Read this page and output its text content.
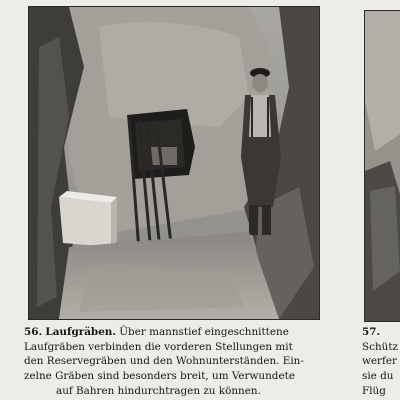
56. Laufgräben. Über mannstief eingeschnittene
Laufgräben verbinden die vorderen Stellungen mit
den Reservegräben und den Wohnunterständen. Ein-
zelne Gräben sind besonders breit, um Verwundete
auf Bahren hindurchtragen zu können.
57.
Schütz
werfer
sie du
Flüg
